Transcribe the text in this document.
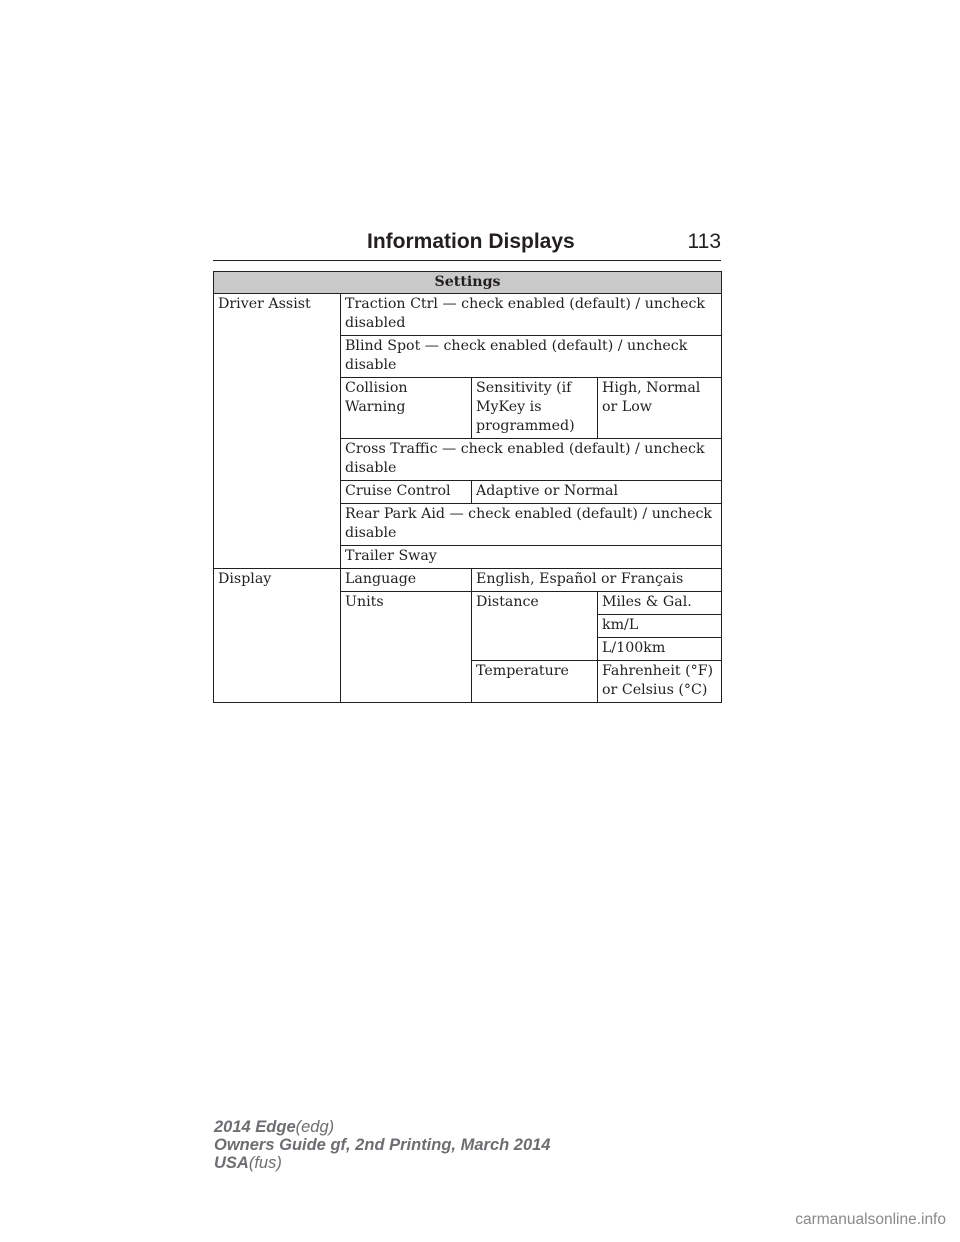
Information Displays	113
Settings			
Driver Assist	Traction Ctrl — check enabled (default) / uncheck disabled		
	Blind Spot — check enabled (default) / uncheck disable		
	Collision Warning	Sensitivity (if MyKey is programmed)	High, Normal or Low
	Cross Traffic — check enabled (default) / uncheck disable		
	Cruise Control	Adaptive or Normal	
	Rear Park Aid — check enabled (default) / uncheck disable		
	Trailer Sway		
Display	Language	English, Español or Français	
	Units	Distance	Miles & Gal.
			km/L
			L/100km
		Temperature	Fahrenheit (°F) or Celsius (°C)
2014 Edge(edg)
Owners Guide gf, 2nd Printing, March 2014
USA(fus)
carmanualsonline.info
